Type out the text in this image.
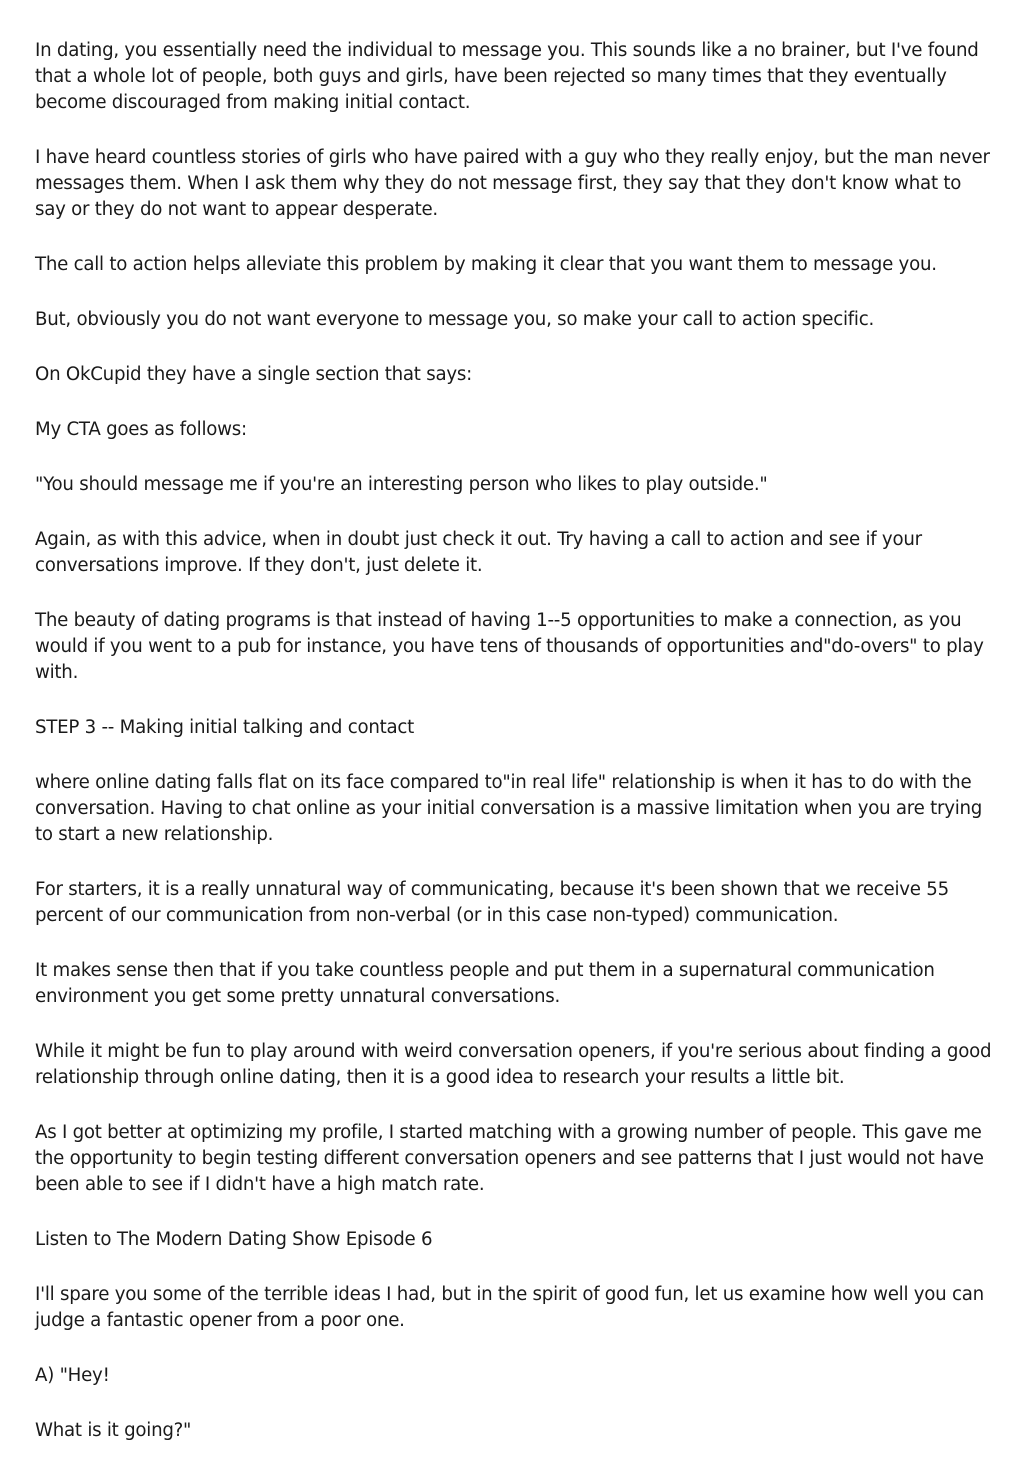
In dating, you essentially need the individual to message you. This sounds like a no brainer, but I've found that a whole lot of people, both guys and girls, have been rejected so many times that they eventually become discouraged from making initial contact.

I have heard countless stories of girls who have paired with a guy who they really enjoy, but the man never messages them. When I ask them why they do not message first, they say that they don't know what to say or they do not want to appear desperate.

The call to action helps alleviate this problem by making it clear that you want them to message you.

But, obviously you do not want everyone to message you, so make your call to action specific.

On OkCupid they have a single section that says:

My CTA goes as follows:

"You should message me if you're an interesting person who likes to play outside."

Again, as with this advice, when in doubt just check it out. Try having a call to action and see if your conversations improve. If they don't, just delete it.

The beauty of dating programs is that instead of having 1--5 opportunities to make a connection, as you would if you went to a pub for instance, you have tens of thousands of opportunities and"do-overs" to play with.

STEP 3 -- Making initial talking and contact

where online dating falls flat on its face compared to"in real life" relationship is when it has to do with the conversation. Having to chat online as your initial conversation is a massive limitation when you are trying to start a new relationship.

For starters, it is a really unnatural way of communicating, because it's been shown that we receive 55 percent of our communication from non-verbal (or in this case non-typed) communication.

It makes sense then that if you take countless people and put them in a supernatural communication environment you get some pretty unnatural conversations.

While it might be fun to play around with weird conversation openers, if you're serious about finding a good relationship through online dating, then it is a good idea to research your results a little bit.

As I got better at optimizing my profile, I started matching with a growing number of people. This gave me the opportunity to begin testing different conversation openers and see patterns that I just would not have been able to see if I didn't have a high match rate.

Listen to The Modern Dating Show Episode 6

I'll spare you some of the terrible ideas I had, but in the spirit of good fun, let us examine how well you can judge a fantastic opener from a poor one.

A) "Hey!

What is it going?"
